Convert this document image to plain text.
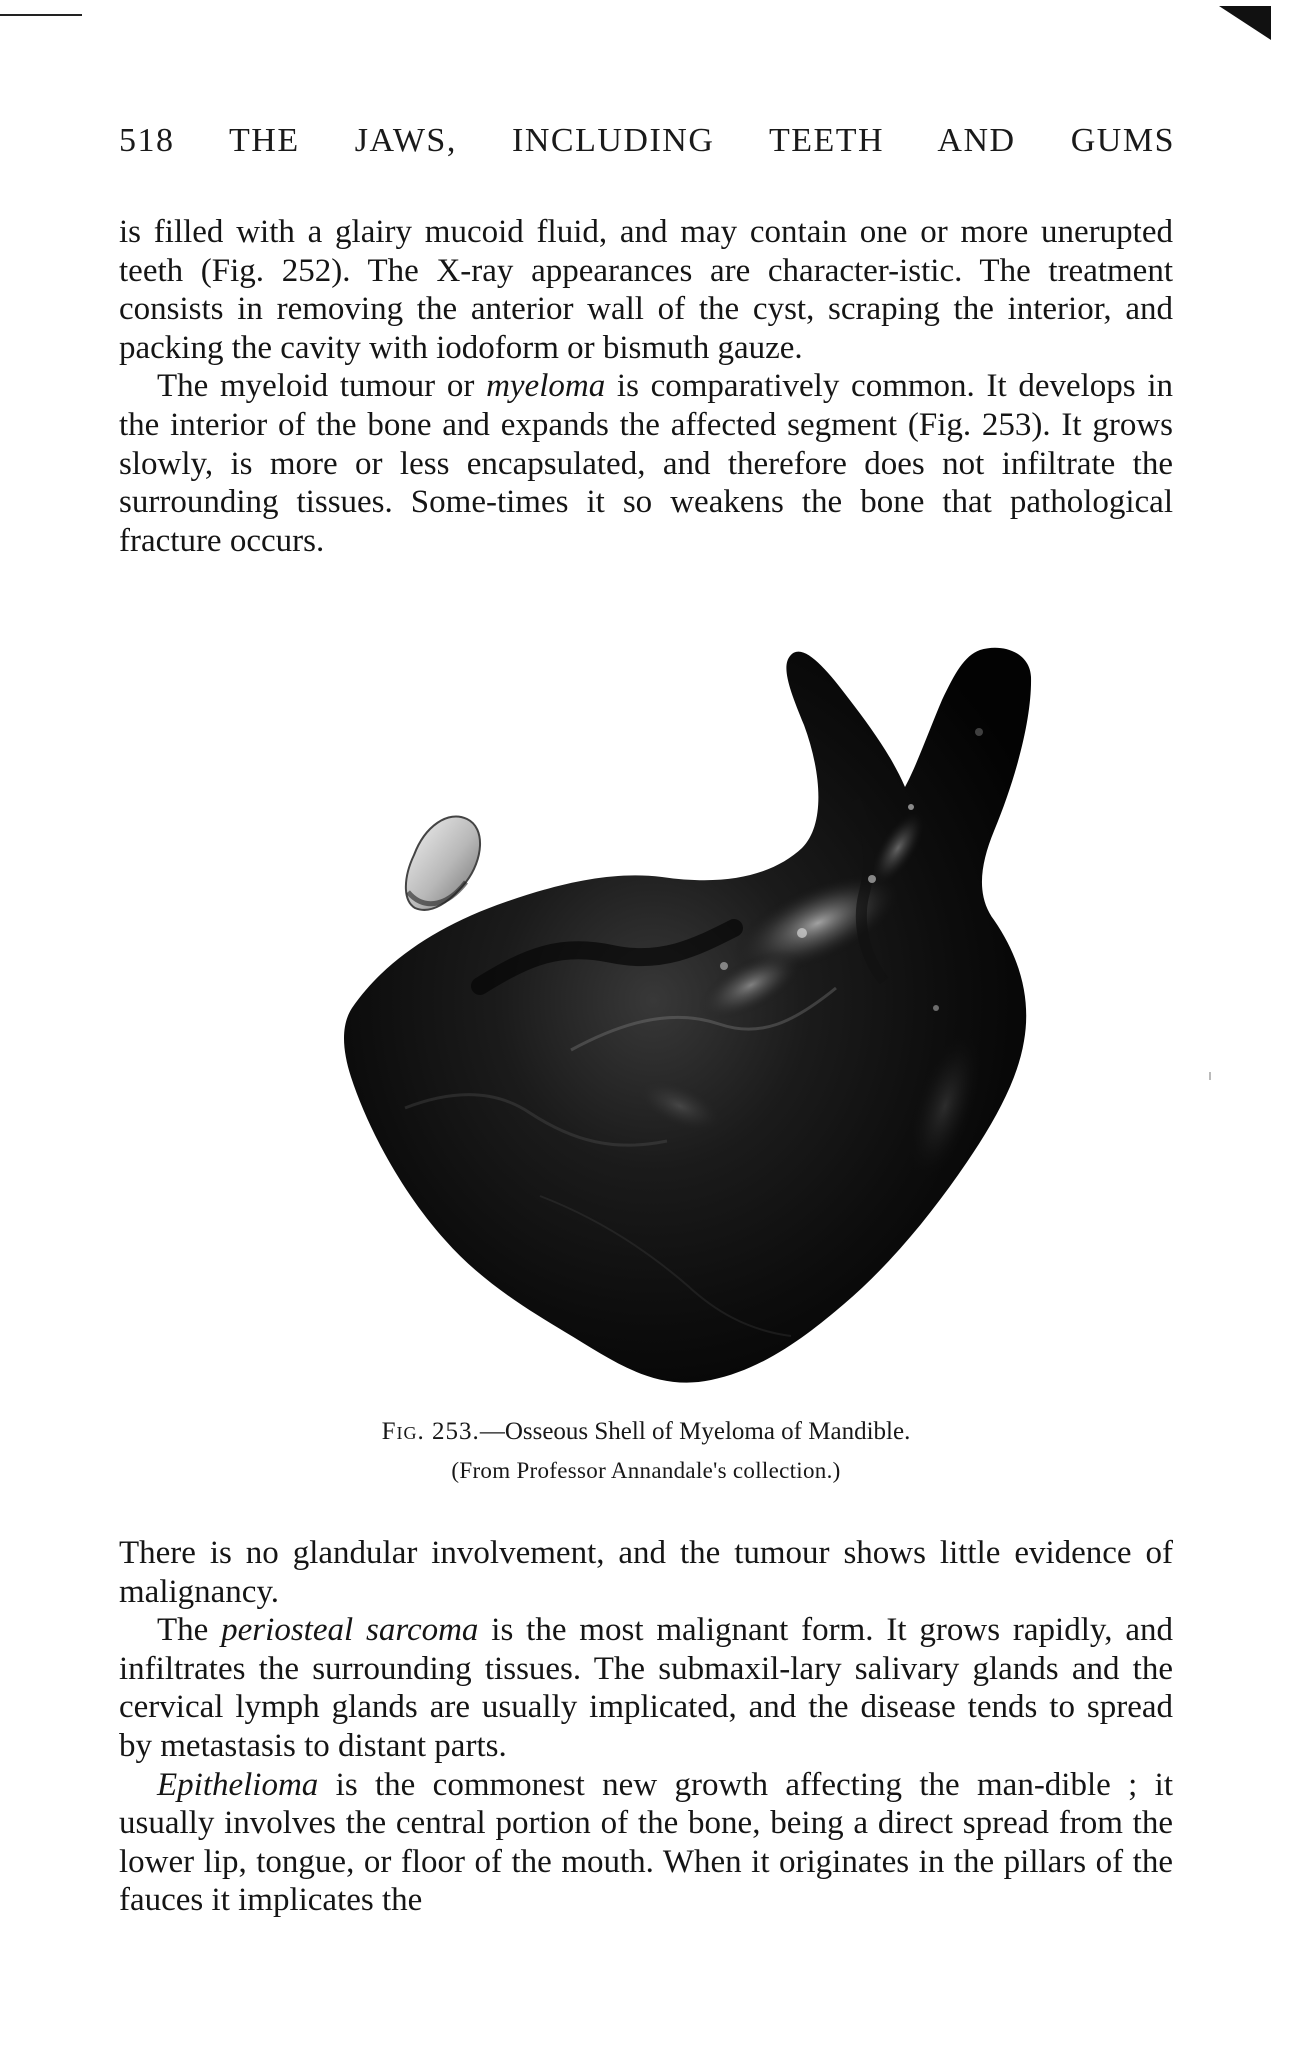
518 THE JAWS, INCLUDING TEETH AND GUMS

is filled with a glairy mucoid fluid, and may contain one or more unerupted teeth (Fig. 252). The X-ray appearances are character-istic. The treatment consists in removing the anterior wall of the cyst, scraping the interior, and packing the cavity with iodoform or bismuth gauze.

The myeloid tumour or myeloma is comparatively common. It develops in the interior of the bone and expands the affected segment (Fig. 253). It grows slowly, is more or less encapsulated, and therefore does not infiltrate the surrounding tissues. Some-times it so weakens the bone that pathological fracture occurs.

Fig. 253.—Osseous Shell of Myeloma of Mandible.
(From Professor Annandale's collection.)

There is no glandular involvement, and the tumour shows little evidence of malignancy.

The periosteal sarcoma is the most malignant form. It grows rapidly, and infiltrates the surrounding tissues. The submaxil-lary salivary glands and the cervical lymph glands are usually implicated, and the disease tends to spread by metastasis to distant parts.

Epithelioma is the commonest new growth affecting the man-dible ; it usually involves the central portion of the bone, being a direct spread from the lower lip, tongue, or floor of the mouth. When it originates in the pillars of the fauces it implicates the
